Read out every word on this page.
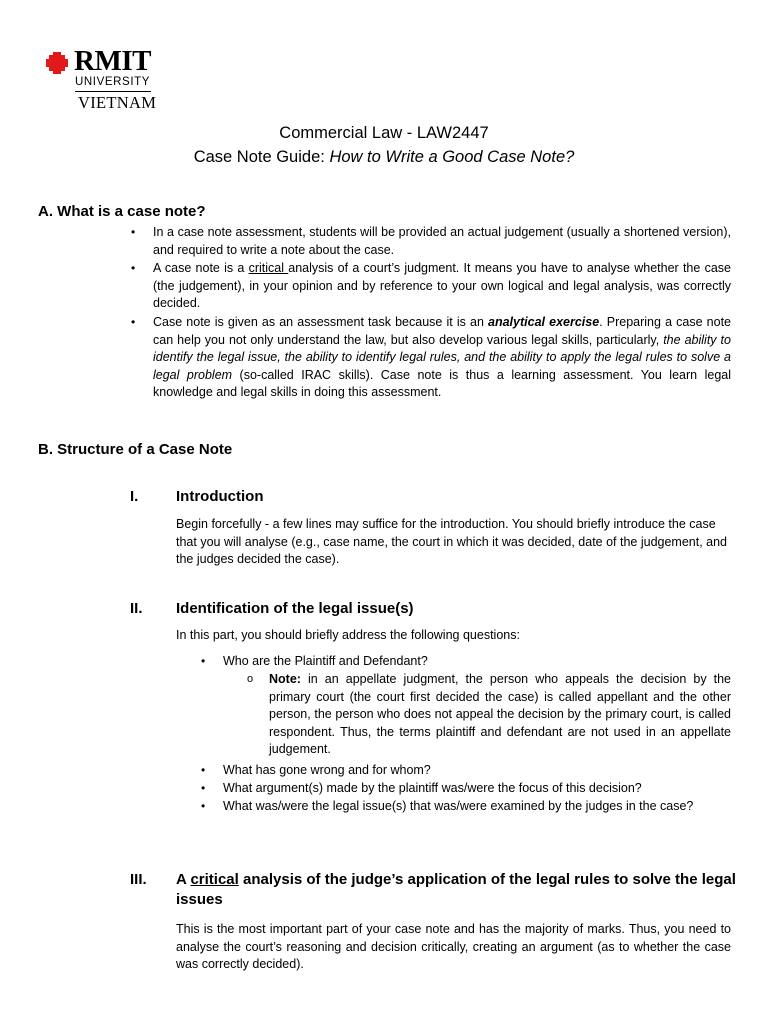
RMIT
UNIVERSITY
VIETNAM
Commercial Law - LAW2447
Case Note Guide: How to Write a Good Case Note?
A. What is a case note?
• In a case note assessment, students will be provided an actual judgement (usually a shortened version), and required to write a note about the case.
• A case note is a critical analysis of a court’s judgment. It means you have to analyse whether the case (the judgement), in your opinion and by reference to your own logical and legal analysis, was correctly decided.
• Case note is given as an assessment task because it is an analytical exercise. Preparing a case note can help you not only understand the law, but also develop various legal skills, particularly, the ability to identify the legal issue, the ability to identify legal rules, and the ability to apply the legal rules to solve a legal problem (so-called IRAC skills). Case note is thus a learning assessment. You learn legal knowledge and legal skills in doing this assessment.
B. Structure of a Case Note
I.	Introduction
Begin forcefully - a few lines may suffice for the introduction. You should briefly introduce the case that you will analyse (e.g., case name, the court in which it was decided, date of the judgement, and the judges decided the case).
II. Identification of the legal issue(s)
In this part, you should briefly address the following questions:
• Who are the Plaintiff and Defendant?
o Note: in an appellate judgment, the person who appeals the decision by the primary court (the court first decided the case) is called appellant and the other person, the person who does not appeal the decision by the primary court, is called respondent. Thus, the terms plaintiff and defendant are not used in an appellate judgement.
• What has gone wrong and for whom?
• What argument(s) made by the plaintiff was/were the focus of this decision?
• What was/were the legal issue(s) that was/were examined by the judges in the case?
III. A critical analysis of the judge’s application of the legal rules to solve the legal issues
This is the most important part of your case note and has the majority of marks. Thus, you need to analyse the court’s reasoning and decision critically, creating an argument (as to whether the case was correctly decided).
